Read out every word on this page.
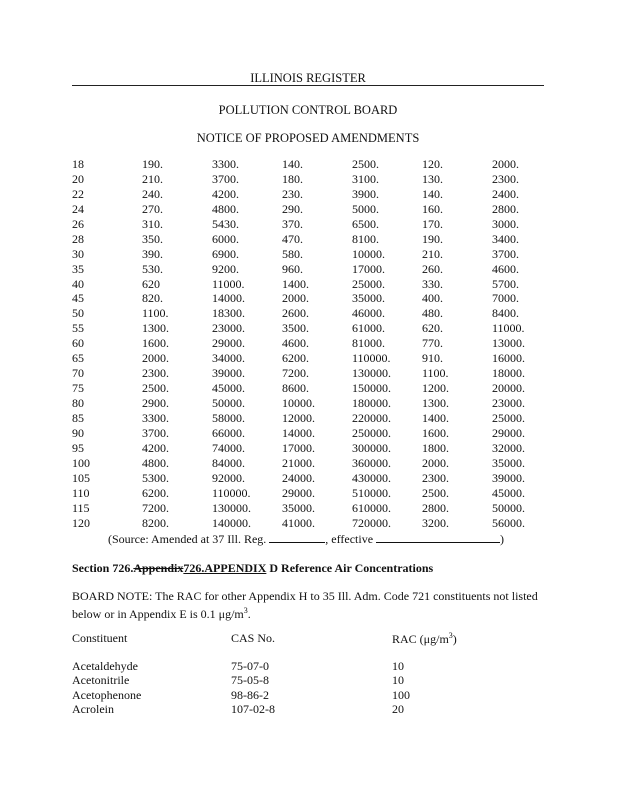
ILLINOIS REGISTER
POLLUTION CONTROL BOARD
NOTICE OF PROPOSED AMENDMENTS
18	190.	3300.	140.	2500.	120.	2000.
20	210.	3700.	180.	3100.	130.	2300.
22	240.	4200.	230.	3900.	140.	2400.
24	270.	4800.	290.	5000.	160.	2800.
26	310.	5430.	370.	6500.	170.	3000.
28	350.	6000.	470.	8100.	190.	3400.
30	390.	6900.	580.	10000.	210.	3700.
35	530.	9200.	960.	17000.	260.	4600.
40	620	11000.	1400.	25000.	330.	5700.
45	820.	14000.	2000.	35000.	400.	7000.
50	1100.	18300.	2600.	46000.	480.	8400.
55	1300.	23000.	3500.	61000.	620.	11000.
60	1600.	29000.	4600.	81000.	770.	13000.
65	2000.	34000.	6200.	110000.	910.	16000.
70	2300.	39000.	7200.	130000.	1100.	18000.
75	2500.	45000.	8600.	150000.	1200.	20000.
80	2900.	50000.	10000.	180000.	1300.	23000.
85	3300.	58000.	12000.	220000.	1400.	25000.
90	3700.	66000.	14000.	250000.	1600.	29000.
95	4200.	74000.	17000.	300000.	1800.	32000.
100	4800.	84000.	21000.	360000.	2000.	35000.
105	5300.	92000.	24000.	430000.	2300.	39000.
110	6200.	110000.	29000.	510000.	2500.	45000.
115	7200.	130000.	35000.	610000.	2800.	50000.
120	8200.	140000.	41000.	720000.	3200.	56000.
(Source: Amended at 37 Ill. Reg.	, effective	)
Section 726.Appendix726.APPENDIX D Reference Air Concentrations
BOARD NOTE: The RAC for other Appendix H to 35 Ill. Adm. Code 721 constituents not listed below or in Appendix E is 0.1 $\mu g/m^3$.
Constituent	CAS No.	RAC $(\mu g/m^3)$
Acetaldehyde	75-07-0	10
Acetonitrile	75-05-8	10
Acetophenone	98-86-2	100
Acrolein	107-02-8	20
